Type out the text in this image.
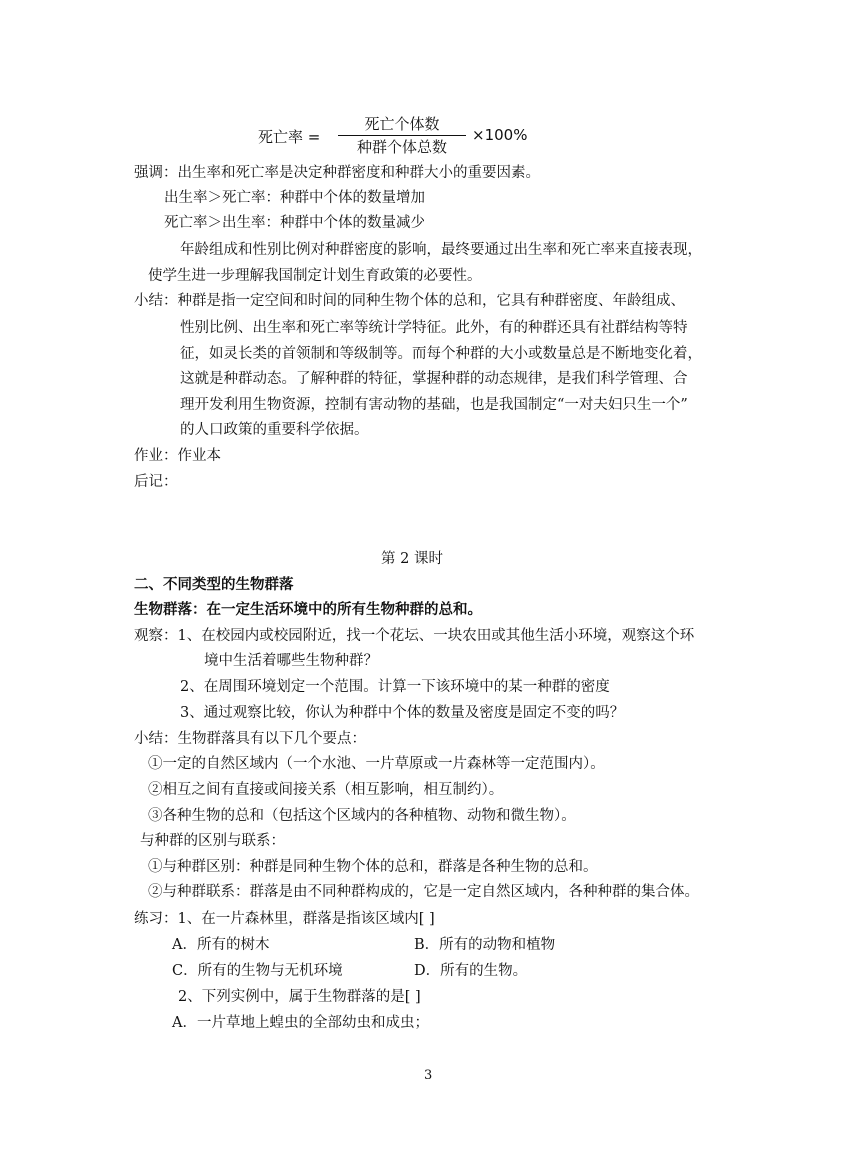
死亡率 =
死亡个体数
种群个体总数
×100%
强调：出生率和死亡率是决定种群密度和种群大小的重要因素。
出生率＞死亡率：种群中个体的数量增加
死亡率＞出生率：种群中个体的数量减少
年龄组成和性别比例对种群密度的影响，最终要通过出生率和死亡率来直接表现，
使学生进一步理解我国制定计划生育政策的必要性。
小结：种群是指一定空间和时间的同种生物个体的总和，它具有种群密度、年龄组成、
性别比例、出生率和死亡率等统计学特征。此外，有的种群还具有社群结构等特
征，如灵长类的首领制和等级制等。而每个种群的大小或数量总是不断地变化着，
这就是种群动态。了解种群的特征，掌握种群的动态规律，是我们科学管理、合
理开发利用生物资源，控制有害动物的基础，也是我国制定“一对夫妇只生一个”
的人口政策的重要科学依据。
作业：作业本
后记：
第 2 课时
二、不同类型的生物群落
生物群落：在一定生活环境中的所有生物种群的总和。
观察：1、在校园内或校园附近，找一个花坛、一块农田或其他生活小环境，观察这个环
境中生活着哪些生物种群？
2、在周围环境划定一个范围。计算一下该环境中的某一种群的密度
3、通过观察比较，你认为种群中个体的数量及密度是固定不变的吗？
小结：生物群落具有以下几个要点：
①一定的自然区域内（一个水池、一片草原或一片森林等一定范围内）。
②相互之间有直接或间接关系（相互影响，相互制约）。
③各种生物的总和（包括这个区域内的各种植物、动物和微生物）。
与种群的区别与联系：
①与种群区别：种群是同种生物个体的总和，群落是各种生物的总和。
②与种群联系：群落是由不同种群构成的，它是一定自然区域内，各种种群的集合体。
练习：1、在一片森林里，群落是指该区域内[ ]
A．所有的树木	B．所有的动物和植物
C．所有的生物与无机环境	D．所有的生物。
2、下列实例中，属于生物群落的是[ ]
A．一片草地上蝗虫的全部幼虫和成虫；
3
